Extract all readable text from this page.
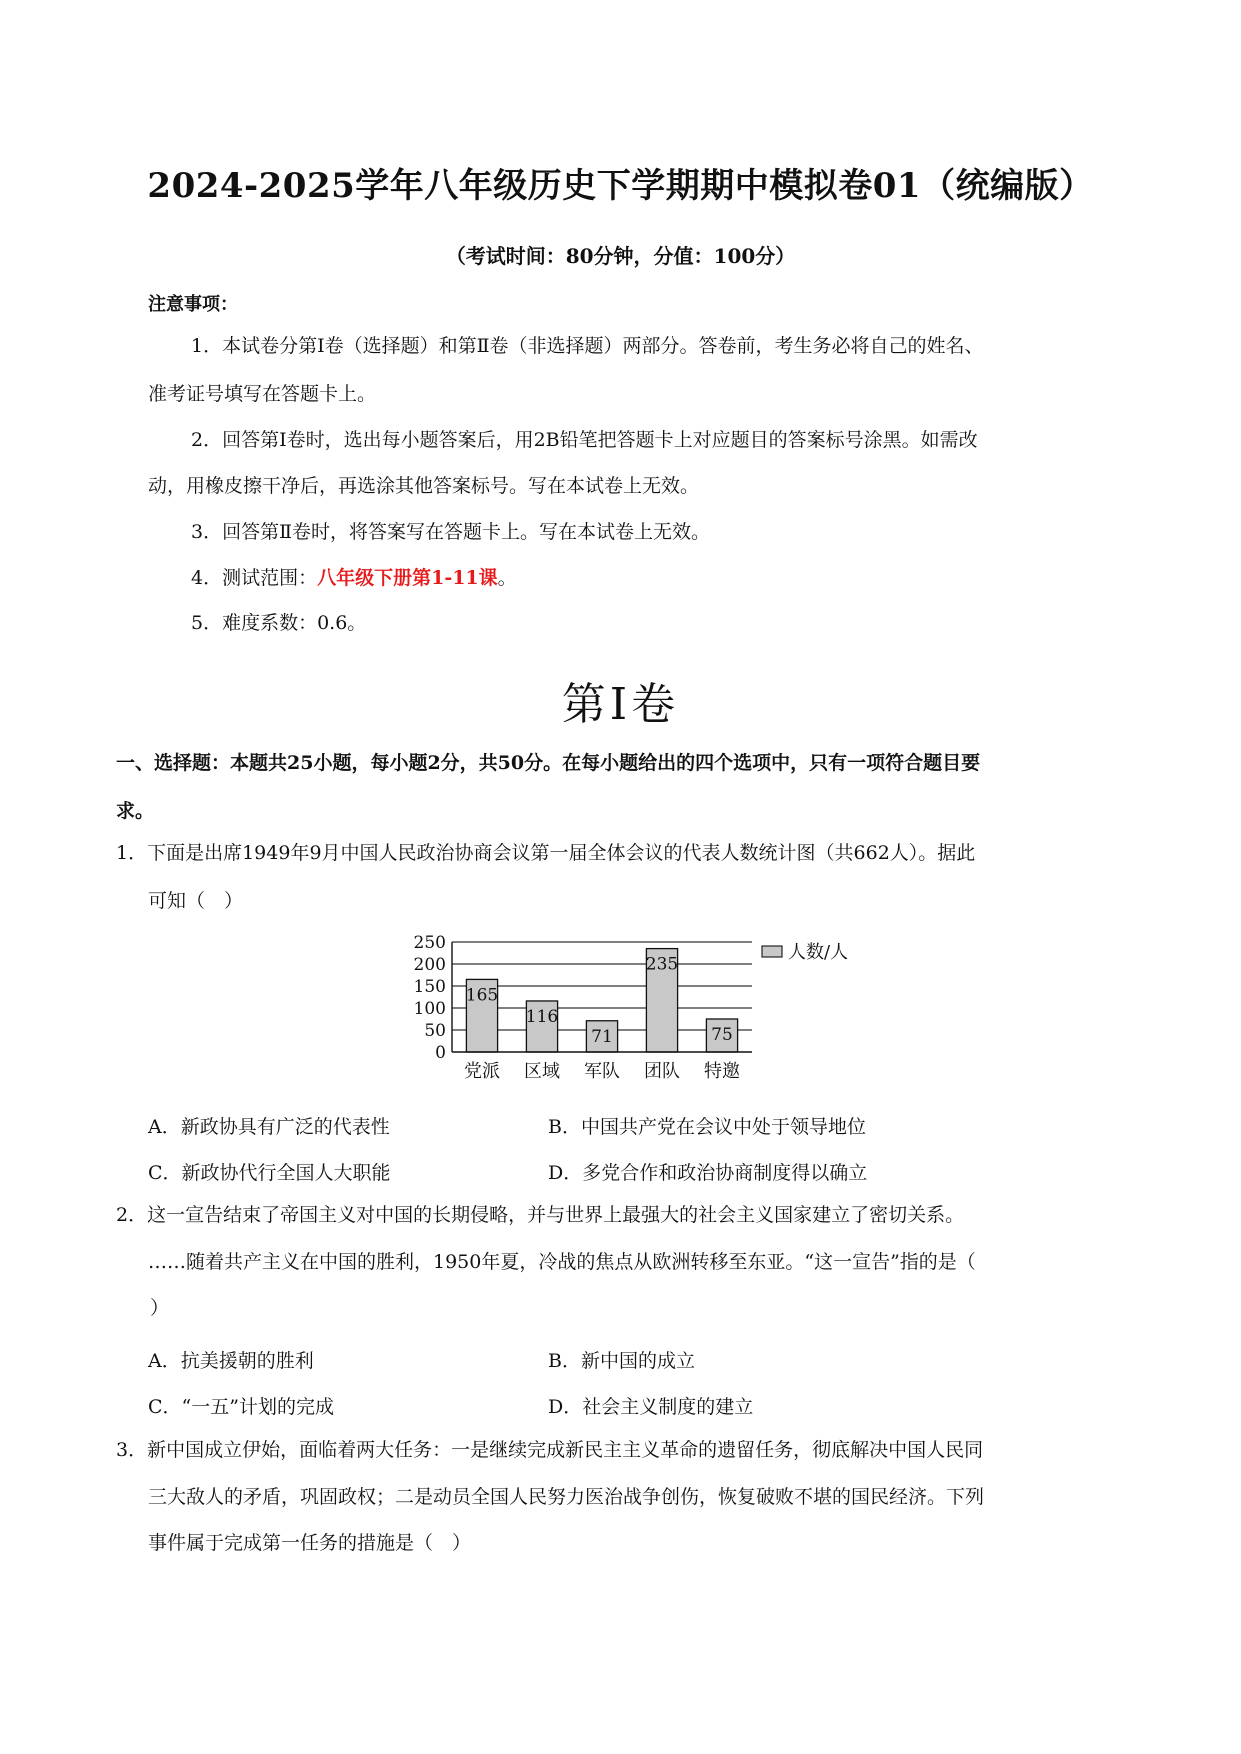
2024-2025学年八年级历史下学期期中模拟卷01（统编版）
（考试时间：80分钟，分值：100分）
注意事项：
1．本试卷分第Ⅰ卷（选择题）和第Ⅱ卷（非选择题）两部分。答卷前，考生务必将自己的姓名、
准考证号填写在答题卡上。
2．回答第Ⅰ卷时，选出每小题答案后，用2B铅笔把答题卡上对应题目的答案标号涂黑。如需改
动，用橡皮擦干净后，再选涂其他答案标号。写在本试卷上无效。
3．回答第Ⅱ卷时，将答案写在答题卡上。写在本试卷上无效。
4．测试范围：八年级下册第1-11课。
5．难度系数：0.6。
第Ⅰ卷
一、选择题：本题共25小题，每小题2分，共50分。在每小题给出的四个选项中，只有一项符合题目要
求。
1．下面是出席1949年9月中国人民政治协商会议第一届全体会议的代表人数统计图（共662人）。据此
可知（　）
0
50
100
150
200
250
165
党派
116
区域
71
军队
235
团队
75
特邀
人数/人
A．新政协具有广泛的代表性	B．中国共产党在会议中处于领导地位
C．新政协代行全国人大职能	D．多党合作和政治协商制度得以确立
2．这一宣告结束了帝国主义对中国的长期侵略，并与世界上最强大的社会主义国家建立了密切关系。
……随着共产主义在中国的胜利，1950年夏，冷战的焦点从欧洲转移至东亚。“这一宣告”指的是（
）
A．抗美援朝的胜利	B．新中国的成立
C．“一五”计划的完成	D．社会主义制度的建立
3．新中国成立伊始，面临着两大任务：一是继续完成新民主主义革命的遗留任务，彻底解决中国人民同
三大敌人的矛盾，巩固政权；二是动员全国人民努力医治战争创伤，恢复破败不堪的国民经济。下列
事件属于完成第一任务的措施是（　）
